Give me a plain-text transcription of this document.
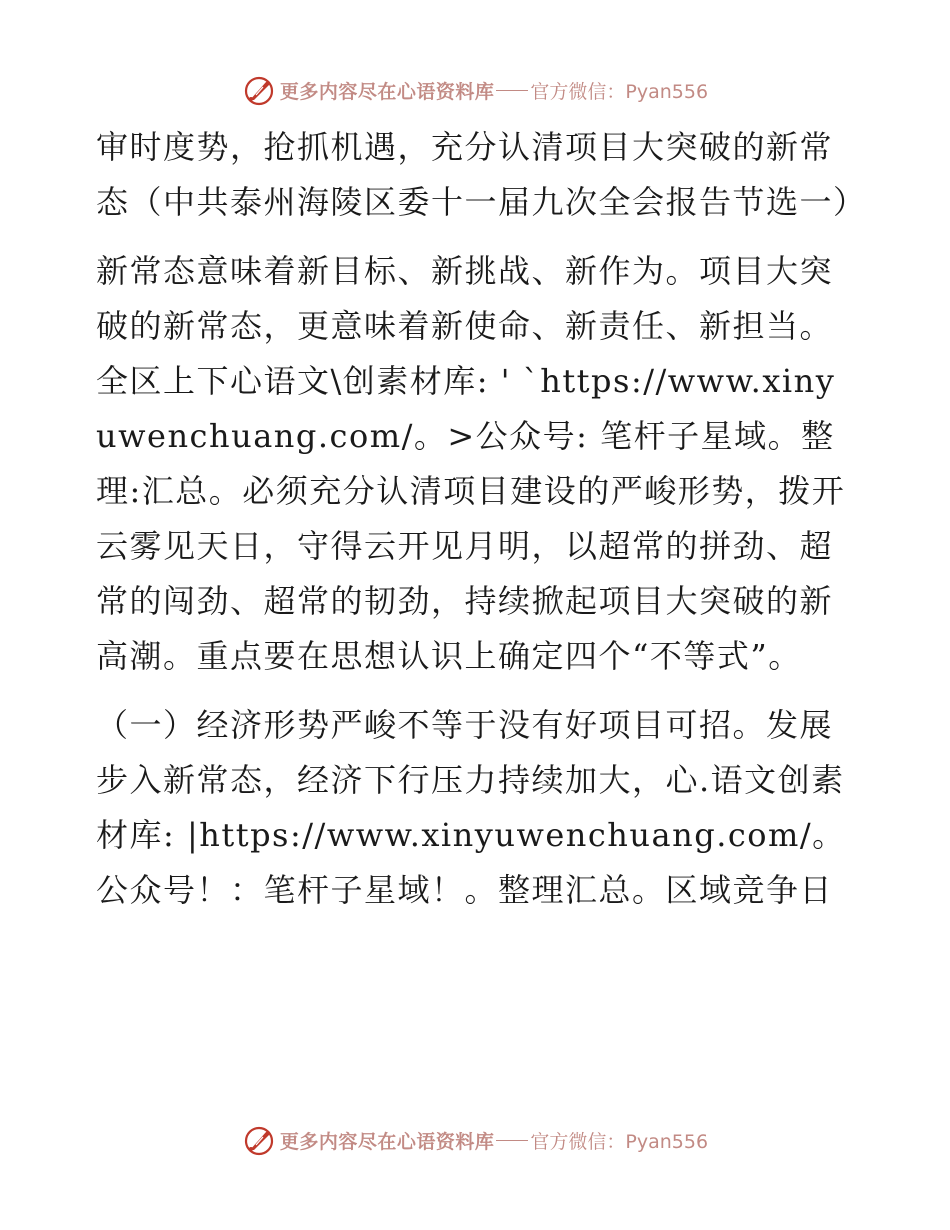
更多内容尽在心语资料库 官方微信：Pyan556

审时度势，抢抓机遇，充分认清项目大突破的新常态（中共泰州海陵区委十一届九次全会报告节选一）

新常态意味着新目标、新挑战、新作为。项目大突破的新常态，更意味着新使命、新责任、新担当。全区上下心语文\创素材库: ' `https://www.xinyuwenchuang.com/。>公众号: 笔杆子星域。整理:汇总。必须充分认清项目建设的严峻形势，拨开云雾见天日，守得云开见月明，以超常的拼劲、超常的闯劲、超常的韧劲，持续掀起项目大突破的新高潮。重点要在思想认识上确定四个“不等式”。

（一）经济形势严峻不等于没有好项目可招。发展步入新常态，经济下行压力持续加大，心.语文创素材库: |https://www.xinyuwenchuang.com/。公众号！：笔杆子星域！。整理汇总。区域竞争日

更多内容尽在心语资料库 官方微信：Pyan556
